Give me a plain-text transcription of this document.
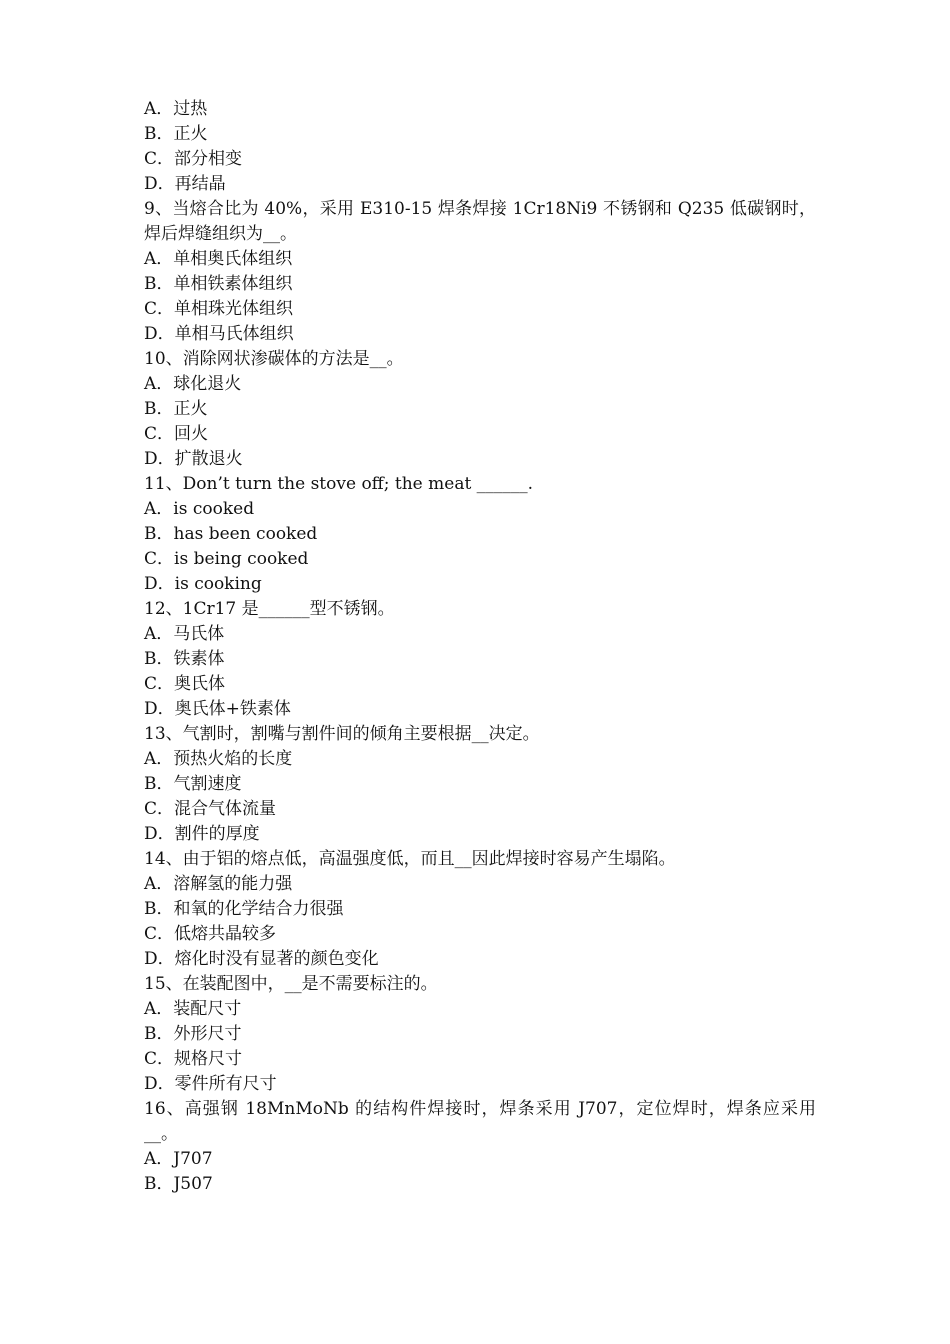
A．过热
B．正火
C．部分相变
D．再结晶
9、当熔合比为 40%，采用 E310-15 焊条焊接 1Cr18Ni9 不锈钢和 Q235 低碳钢时，焊后焊缝组织为__。
A．单相奥氏体组织
B．单相铁素体组织
C．单相珠光体组织
D．单相马氏体组织
10、消除网状渗碳体的方法是__。
A．球化退火
B．正火
C．回火
D．扩散退火
11、Don’t turn the stove off; the meat ______.
A．is cooked
B．has been cooked
C．is being cooked
D．is cooking
12、1Cr17 是______型不锈钢。
A．马氏体
B．铁素体
C．奥氏体
D．奥氏体+铁素体
13、气割时，割嘴与割件间的倾角主要根据__决定。
A．预热火焰的长度
B．气割速度
C．混合气体流量
D．割件的厚度
14、由于铝的熔点低，高温强度低，而且__因此焊接时容易产生塌陷。
A．溶解氢的能力强
B．和氧的化学结合力很强
C．低熔共晶较多
D．熔化时没有显著的颜色变化
15、在装配图中，__是不需要标注的。
A．装配尺寸
B．外形尺寸
C．规格尺寸
D．零件所有尺寸
16、高强钢 18MnMoNb 的结构件焊接时，焊条采用 J707，定位焊时，焊条应采用__。
A．J707
B．J507
